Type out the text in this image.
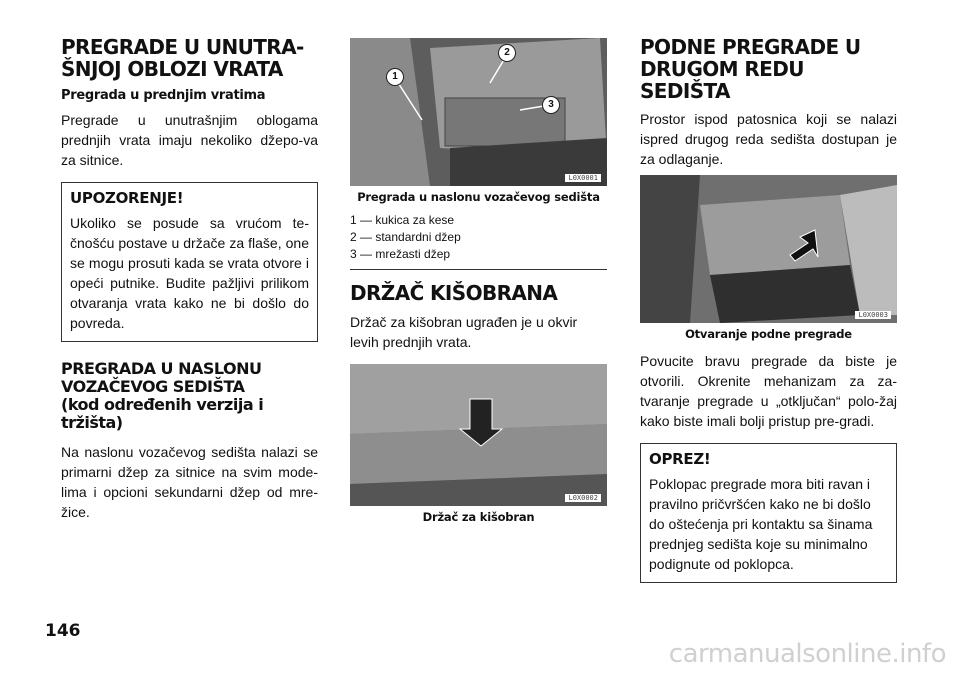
PREGRADE U UNUTRA-
ŠNJOJ OBLOZI VRATA
Pregrada u prednjim vratima

Pregrade u unutrašnjim oblogama prednjih vrata imaju nekoliko džepo-va za sitnice.

UPOZORENJE!

Ukoliko se posude sa vrućom te-čnošću postave u držače za flaše, one se mogu prosuti kada se vrata otvore i opeći putnike. Budite pažljivi prilikom otvaranja vrata kako ne bi došlo do povreda.

PREGRADA U NASLONU
VOZAČEVOG SEDIŠTA
(kod određenih verzija i tržišta)

Na naslonu vozačevog sedišta nalazi se primarni džep za sitnice na svim mode-lima i opcioni sekundarni džep od mre-žice.

1
2
3
L0X0001
Pregrada u naslonu vozačevog sedišta
1 — kukica za kese
2 — standardni džep
3 — mrežasti džep
DRŽAČ KIŠOBRANA

Držač za kišobran ugrađen je u okvir levih prednjih vrata.

L0X0002
Držač za kišobran
PODNE PREGRADE U
DRUGOM REDU SEDIŠTA

Prostor ispod patosnica koji se nalazi ispred drugog reda sedišta dostupan je za odlaganje.

L0X0003
Otvaranje podne pregrade

Povucite bravu pregrade da biste je otvorili. Okrenite mehanizam za za-tvaranje pregrade u „otključan“ polo-žaj kako biste imali bolji pristup pre-gradi.

OPREZ!

Poklopac pregrade mora biti ravan i pravilno pričvršćen kako ne bi došlo do oštećenja pri kontaktu sa šinama prednjeg sedišta koje su minimalno podignute od poklopca.

146
carmanualsonline.info
